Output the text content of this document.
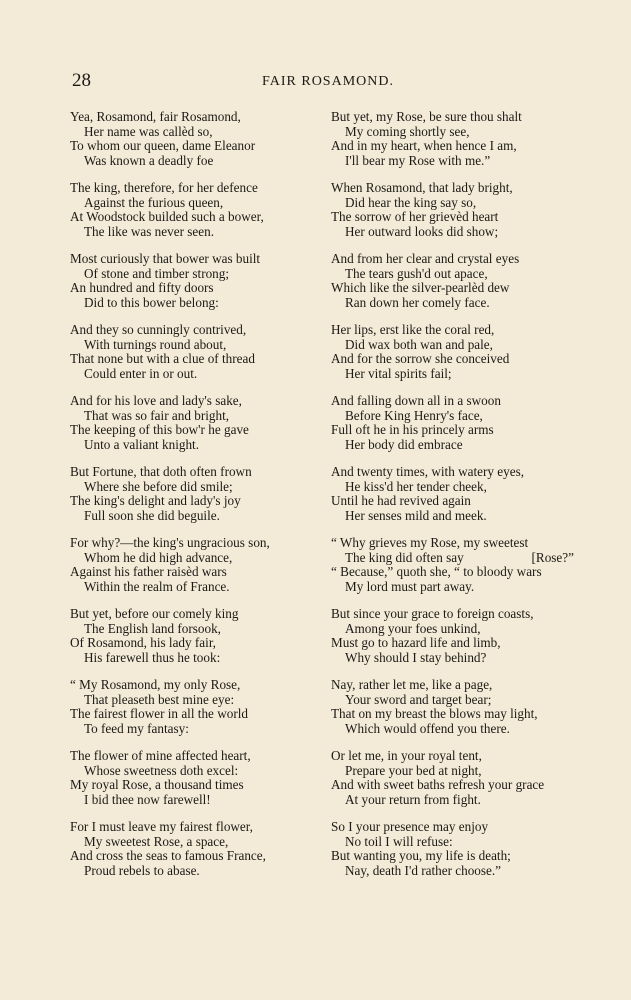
28	FAIR ROSAMOND.
Yea, Rosamond, fair Rosamond,
Her name was callèd so,
To whom our queen, dame Eleanor
Was known a deadly foe
The king, therefore, for her defence
Against the furious queen,
At Woodstock builded such a bower,
The like was never seen.
Most curiously that bower was built
Of stone and timber strong;
An hundred and fifty doors
Did to this bower belong:
And they so cunningly contrived,
With turnings round about,
That none but with a clue of thread
Could enter in or out.
And for his love and lady's sake,
That was so fair and bright,
The keeping of this bow'r he gave
Unto a valiant knight.
But Fortune, that doth often frown
Where she before did smile;
The king's delight and lady's joy
Full soon she did beguile.
For why?—the king's ungracious son,
Whom he did high advance,
Against his father raisèd wars
Within the realm of France.
But yet, before our comely king
The English land forsook,
Of Rosamond, his lady fair,
His farewell thus he took:
“ My Rosamond, my only Rose,
That pleaseth best mine eye:
The fairest flower in all the world
To feed my fantasy:
The flower of mine affected heart,
Whose sweetness doth excel:
My royal Rose, a thousand times
I bid thee now farewell!
For I must leave my fairest flower,
My sweetest Rose, a space,
And cross the seas to famous France,
Proud rebels to abase.
But yet, my Rose, be sure thou shalt
My coming shortly see,
And in my heart, when hence I am,
I'll bear my Rose with me.”
When Rosamond, that lady bright,
Did hear the king say so,
The sorrow of her grievèd heart
Her outward looks did show;
And from her clear and crystal eyes
The tears gush'd out apace,
Which like the silver-pearlèd dew
Ran down her comely face.
Her lips, erst like the coral red,
Did wax both wan and pale,
And for the sorrow she conceived
Her vital spirits fail;
And falling down all in a swoon
Before King Henry's face,
Full oft he in his princely arms
Her body did embrace
And twenty times, with watery eyes,
He kiss'd her tender cheek,
Until he had revived again
Her senses mild and meek.
“ Why grieves my Rose, my sweetest
The king did often say	[Rose?”
“ Because,” quoth she, “ to bloody wars
My lord must part away.
But since your grace to foreign coasts,
Among your foes unkind,
Must go to hazard life and limb,
Why should I stay behind?
Nay, rather let me, like a page,
Your sword and target bear;
That on my breast the blows may light,
Which would offend you there.
Or let me, in your royal tent,
Prepare your bed at night,
And with sweet baths refresh your grace
At your return from fight.
So I your presence may enjoy
No toil I will refuse:
But wanting you, my life is death;
Nay, death I'd rather choose.”
